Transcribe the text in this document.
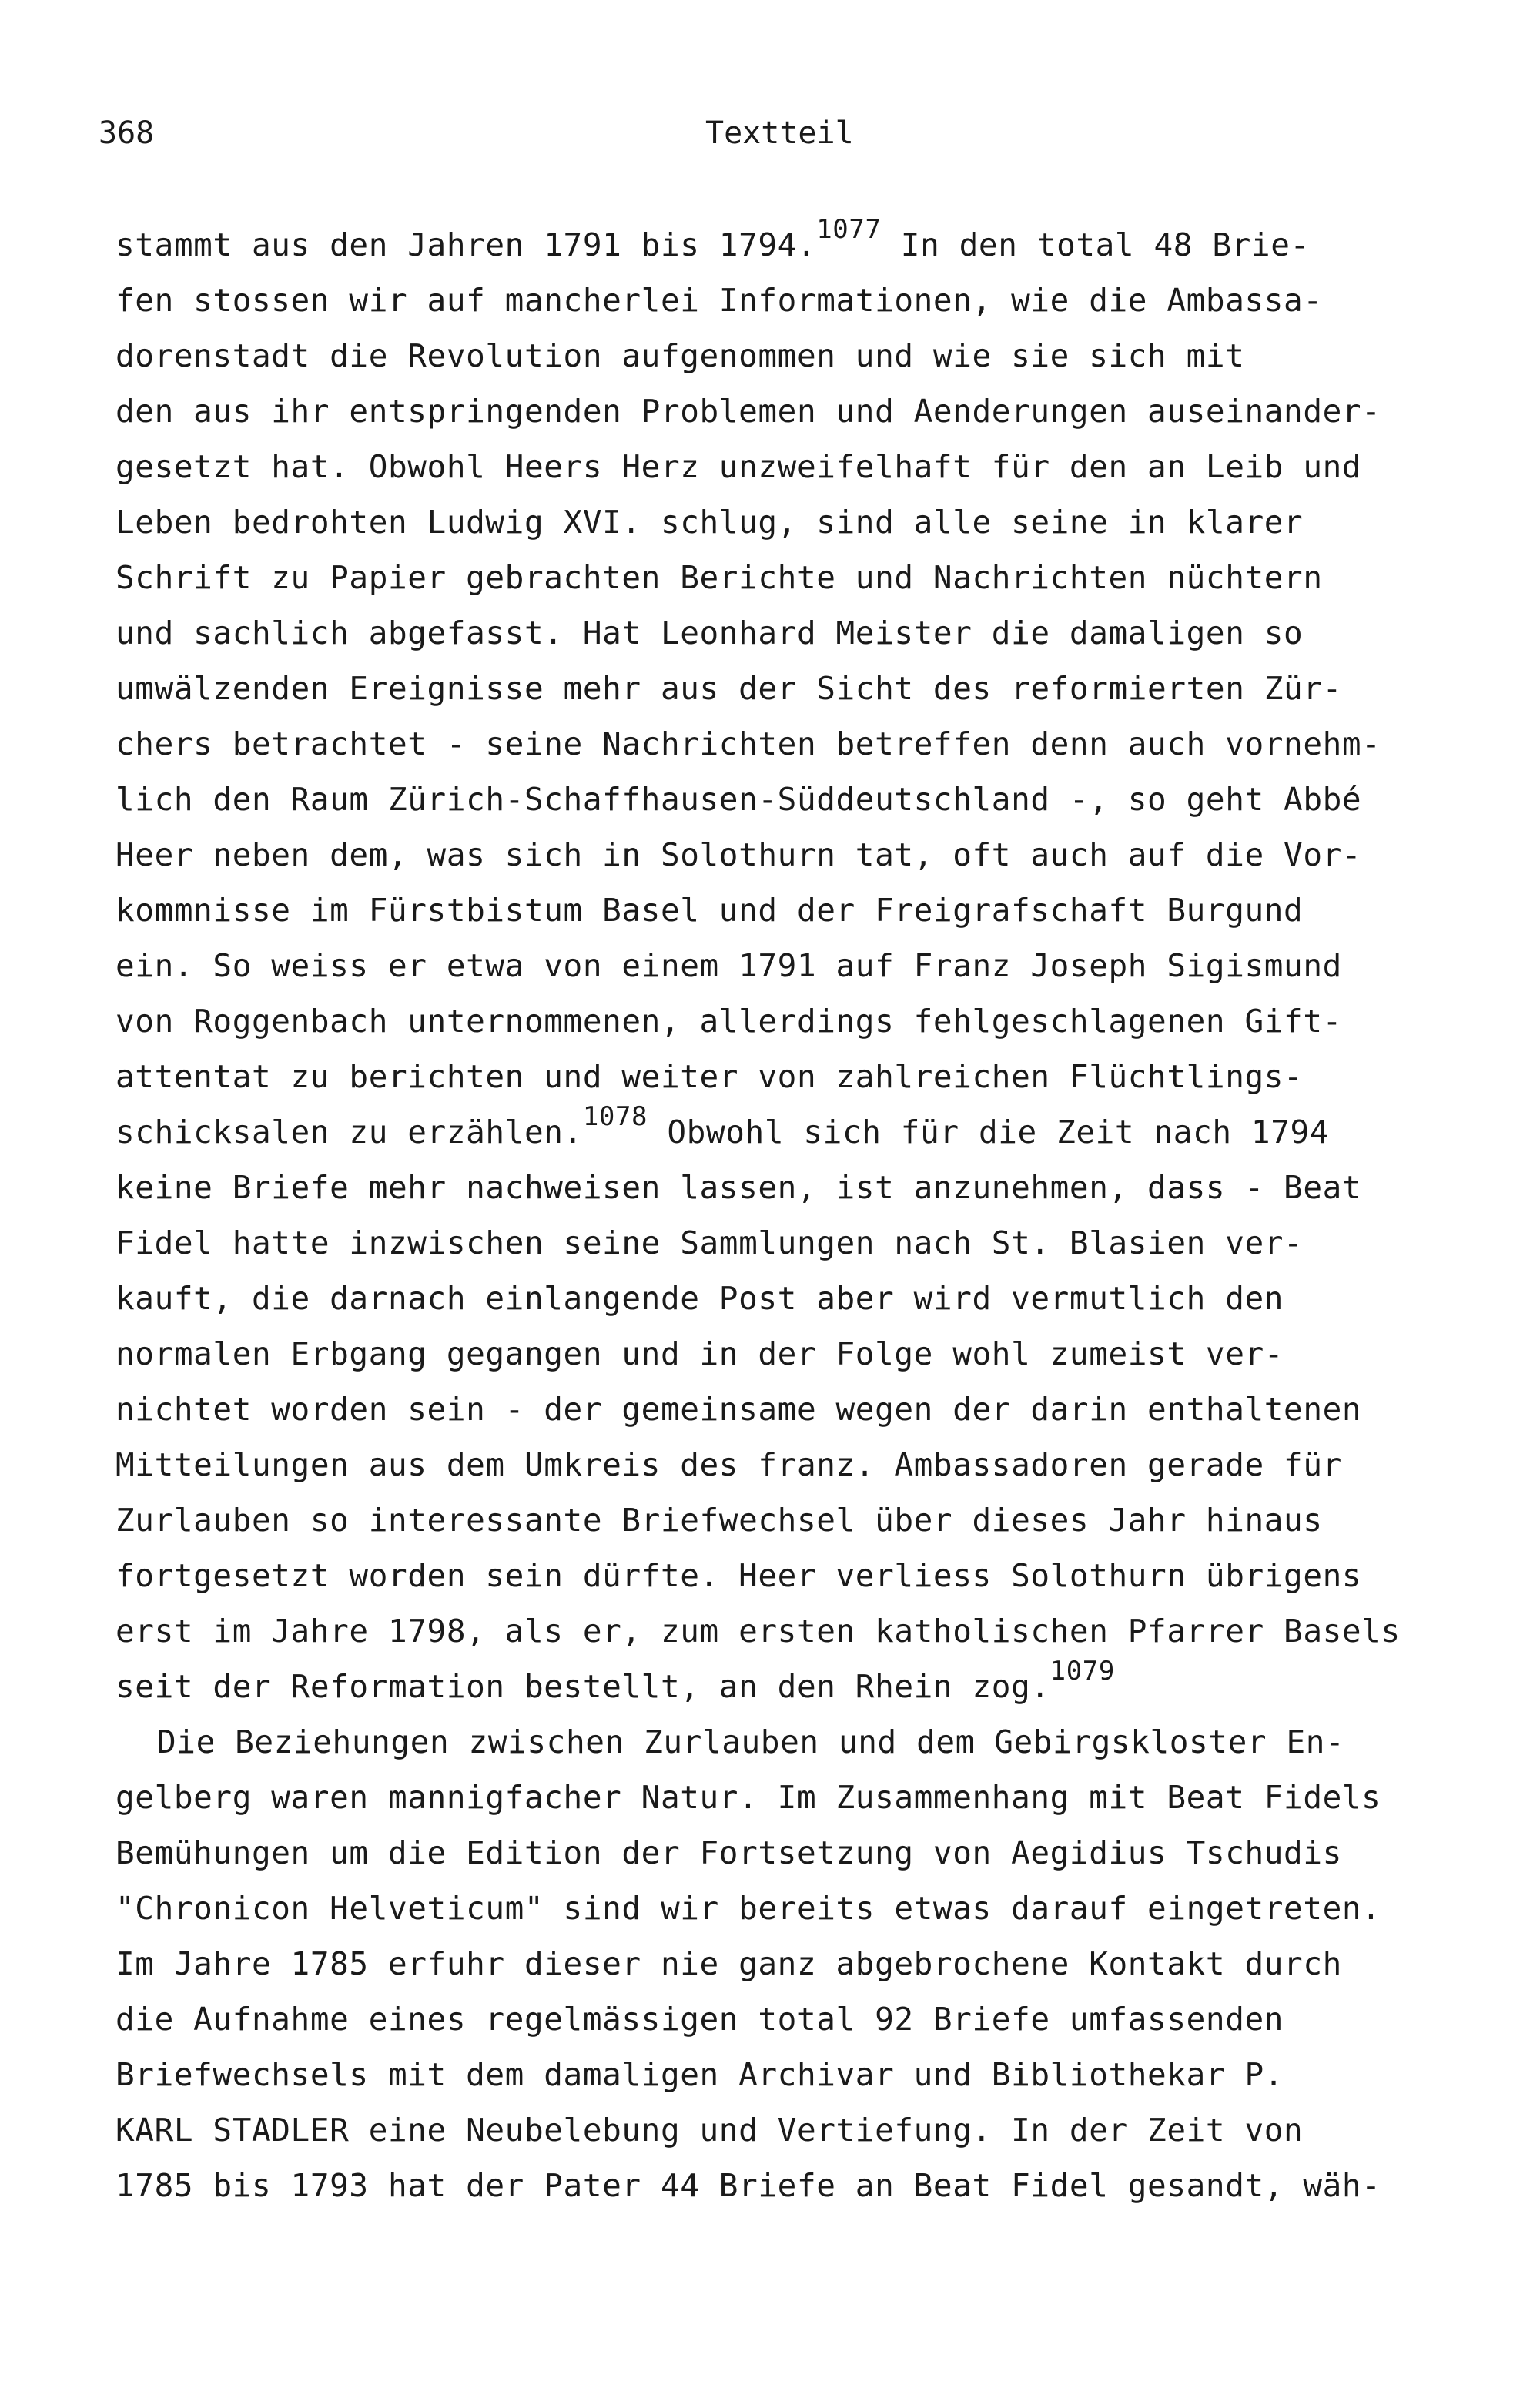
368	Textteil
stammt aus den Jahren 1791 bis 1794.$^{1077}$ In den total 48 Brie-
fen stossen wir auf mancherlei Informationen, wie die Ambassa-
dorenstadt die Revolution aufgenommen und wie sie sich mit
den aus ihr entspringenden Problemen und Aenderungen auseinander-
gesetzt hat. Obwohl Heers Herz unzweifelhaft für den an Leib und
Leben bedrohten Ludwig XVI. schlug, sind alle seine in klarer
Schrift zu Papier gebrachten Berichte und Nachrichten nüchtern
und sachlich abgefasst. Hat Leonhard Meister die damaligen so
umwälzenden Ereignisse mehr aus der Sicht des reformierten Zür-
chers betrachtet - seine Nachrichten betreffen denn auch vornehm-
lich den Raum Zürich-Schaffhausen-Süddeutschland -, so geht Abbé
Heer neben dem, was sich in Solothurn tat, oft auch auf die Vor-
kommnisse im Fürstbistum Basel und der Freigrafschaft Burgund
ein. So weiss er etwa von einem 1791 auf Franz Joseph Sigismund
von Roggenbach unternommenen, allerdings fehlgeschlagenen Gift-
attentat zu berichten und weiter von zahlreichen Flüchtlings-
schicksalen zu erzählen.$^{1078}$ Obwohl sich für die Zeit nach 1794
keine Briefe mehr nachweisen lassen, ist anzunehmen, dass - Beat
Fidel hatte inzwischen seine Sammlungen nach St. Blasien ver-
kauft, die darnach einlangende Post aber wird vermutlich den
normalen Erbgang gegangen und in der Folge wohl zumeist ver-
nichtet worden sein - der gemeinsame wegen der darin enthaltenen
Mitteilungen aus dem Umkreis des franz. Ambassadoren gerade für
Zurlauben so interessante Briefwechsel über dieses Jahr hinaus
fortgesetzt worden sein dürfte. Heer verliess Solothurn übrigens
erst im Jahre 1798, als er, zum ersten katholischen Pfarrer Basels
seit der Reformation bestellt, an den Rhein zog.$^{1079}$
Die Beziehungen zwischen Zurlauben und dem Gebirgskloster En-
gelberg waren mannigfacher Natur. Im Zusammenhang mit Beat Fidels
Bemühungen um die Edition der Fortsetzung von Aegidius Tschudis
"Chronicon Helveticum" sind wir bereits etwas darauf eingetreten.
Im Jahre 1785 erfuhr dieser nie ganz abgebrochene Kontakt durch
die Aufnahme eines regelmässigen total 92 Briefe umfassenden
Briefwechsels mit dem damaligen Archivar und Bibliothekar P.
KARL STADLER eine Neubelebung und Vertiefung. In der Zeit von
1785 bis 1793 hat der Pater 44 Briefe an Beat Fidel gesandt, wäh-
